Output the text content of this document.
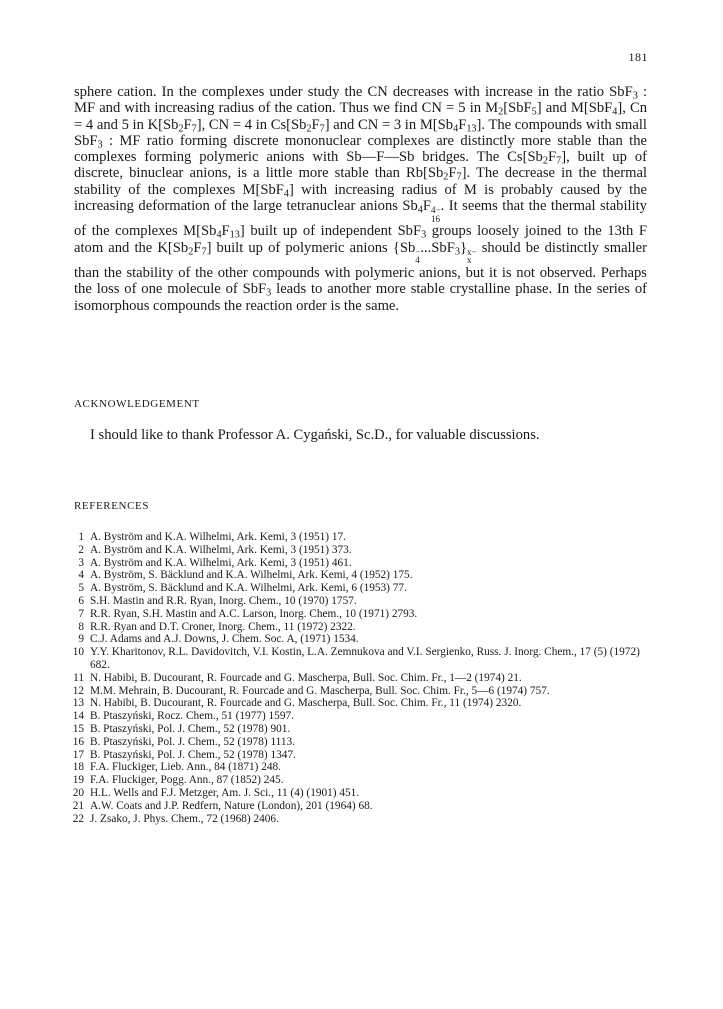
181

sphere cation. In the complexes under study the CN decreases with increase in the ratio SbF$_3$ : MF and with increasing radius of the cation. Thus we find CN = 5 in $M_2[SbF_5]$ and M[SbF$_4$], Cn = 4 and 5 in $K[Sb_2F_7]$, CN = 4 in $Cs[Sb_2F_7]$ and CN = 3 in $M[Sb_4F_{13}]$. The compounds with small SbF$_3$ : MF ratio forming discrete mononuclear complexes are distinctly more stable than the complexes forming polymeric anions with Sb—F—Sb bridges. The $Cs[Sb_2F_7]$, built up of discrete, binuclear anions, is a little more stable than $Rb[Sb_2F_7]$. The decrease in the thermal stability of the complexes M[SbF$_4$] with increasing radius of M is probably caused by the increasing deformation of the large tetranuclear anions $Sb_4F$ 4−
16
. It seems that the thermal stability of the complexes $M[Sb_4F_{13}]$ built up of independent SbF$_3$ groups loosely joined to the 13th F atom and the $K[Sb_2F_7]$ built up of polymeric anions {Sb −
4
...SbF$_3$} x−
x
should be distinctly smaller than the stability of the other compounds with polymeric anions, but it is not observed. Perhaps the loss of one molecule of SbF$_3$ leads to another more stable crystalline phase. In the series of isomorphous compounds the reaction order is the same.

ACKNOWLEDGEMENT

I should like to thank Professor A. Cygański, Sc.D., for valuable discussions.

REFERENCES
1 A. Byström and K.A. Wilhelmi, Ark. Kemi, 3 (1951) 17.
2 A. Byström and K.A. Wilhelmi, Ark. Kemi, 3 (1951) 373.
3 A. Byström and K.A. Wilhelmi, Ark. Kemi, 3 (1951) 461.
4 A. Byström, S. Bäcklund and K.A. Wilhelmi, Ark. Kemi, 4 (1952) 175.
5 A. Byström, S. Bäcklund and K.A. Wilhelmi, Ark. Kemi, 6 (1953) 77.
6 S.H. Mastin and R.R. Ryan, Inorg. Chem., 10 (1970) 1757.
7 R.R. Ryan, S.H. Mastin and A.C. Larson, Inorg. Chem., 10 (1971) 2793.
8 R.R. Ryan and D.T. Croner, Inorg. Chem., 11 (1972) 2322.
9 C.J. Adams and A.J. Downs, J. Chem. Soc. A, (1971) 1534.
10 Y.Y. Kharitonov, R.L. Davidovitch, V.I. Kostin, L.A. Zemnukova and V.I. Sergienko, Russ. J. Inorg. Chem., 17 (5) (1972) 682.
11 N. Habibi, B. Ducourant, R. Fourcade and G. Mascherpa, Bull. Soc. Chim. Fr., 1—2 (1974) 21.
12 M.M. Mehrain, B. Ducourant, R. Fourcade and G. Mascherpa, Bull. Soc. Chim. Fr., 5—6 (1974) 757.
13 N. Habibi, B. Ducourant, R. Fourcade and G. Mascherpa, Bull. Soc. Chim. Fr., 11 (1974) 2320.
14 B. Ptaszyński, Rocz. Chem., 51 (1977) 1597.
15 B. Ptaszyński, Pol. J. Chem., 52 (1978) 901.
16 B. Ptaszyński, Pol. J. Chem., 52 (1978) 1113.
17 B. Ptaszyński, Pol. J. Chem., 52 (1978) 1347.
18 F.A. Fluckiger, Lieb. Ann., 84 (1871) 248.
19 F.A. Fluckiger, Pogg. Ann., 87 (1852) 245.
20 H.L. Wells and F.J. Metzger, Am. J. Sci., 11 (4) (1901) 451.
21 A.W. Coats and J.P. Redfern, Nature (London), 201 (1964) 68.
22 J. Zsako, J. Phys. Chem., 72 (1968) 2406.
